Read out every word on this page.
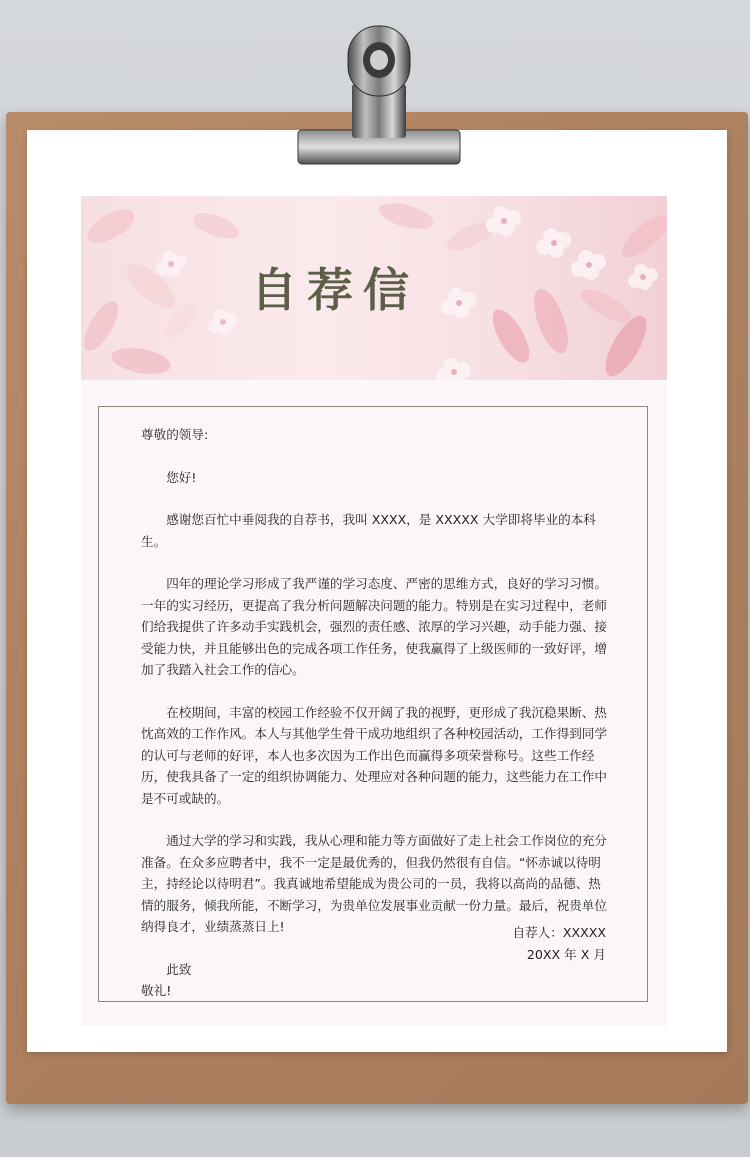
自荐信

尊敬的领导:

您好!

感谢您百忙中垂阅我的自荐书，我叫 XXXX，是 XXXXX 大学即将毕业的本科生。

四年的理论学习形成了我严谨的学习态度、严密的思维方式，良好的学习习惯。一年的实习经历，更提高了我分析问题解决问题的能力。特别是在实习过程中，老师们给我提供了许多动手实践机会，强烈的责任感、浓厚的学习兴趣，动手能力强、接受能力快，并且能够出色的完成各项工作任务，使我赢得了上级医师的一致好评，增加了我踏入社会工作的信心。

在校期间，丰富的校园工作经验不仅开阔了我的视野，更形成了我沉稳果断、热忱高效的工作作风。本人与其他学生骨干成功地组织了各种校园活动，工作得到同学的认可与老师的好评，本人也多次因为工作出色而赢得多项荣誉称号。这些工作经历，使我具备了一定的组织协调能力、处理应对各种问题的能力，这些能力在工作中是不可或缺的。

通过大学的学习和实践，我从心理和能力等方面做好了走上社会工作岗位的充分准备。在众多应聘者中，我不一定是最优秀的，但我仍然很有自信。“怀赤诚以待明主，持经论以待明君”。我真诚地希望能成为贵公司的一员，我将以高尚的品德、热情的服务，倾我所能，不断学习，为贵单位发展事业贡献一份力量。最后，祝贵单位纳得良才，业绩蒸蒸日上!

此致

敬礼!

自荐人：XXXXX

20XX 年 X 月
